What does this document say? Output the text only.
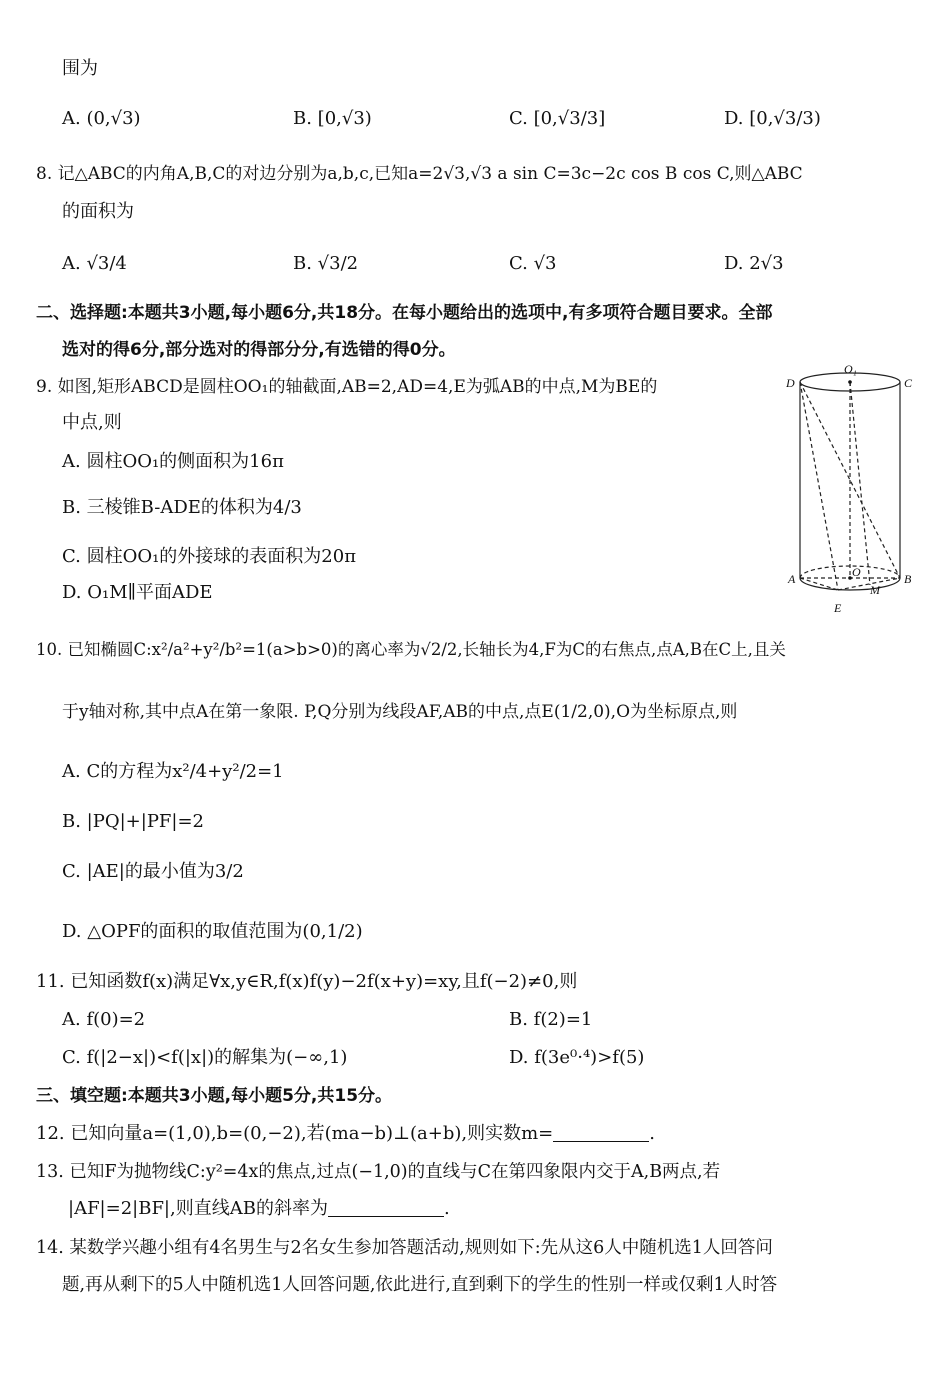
围为
A. (0,√3)	B. [0,√3)	C. [0,√3/3]	D. [0,√3/3)
8. 记△ABC的内角A,B,C的对边分别为a,b,c,已知a=2√3,√3 a sin C=3c−2c cos B cos C,则△ABC
的面积为
A. √3/4	B. √3/2	C. √3	D. 2√3
二、选择题:本题共3小题,每小题6分,共18分。在每小题给出的选项中,有多项符合题目要求。全部
选对的得6分,部分选对的得部分分,有选错的得0分。
9. 如图,矩形ABCD是圆柱OO₁的轴截面,AB=2,AD=4,E为弧AB的中点,M为BE的
中点,则
A. 圆柱OO₁的侧面积为16π
B. 三棱锥B-ADE的体积为4/3
C. 圆柱OO₁的外接球的表面积为20π
D. O₁M∥平面ADE
D
O₁
C
A	O
M
B
E
10. 已知椭圆C:x²/a²+y²/b²=1(a>b>0)的离心率为√2/2,长轴长为4,F为C的右焦点,点A,B在C上,且关
于y轴对称,其中点A在第一象限. P,Q分别为线段AF,AB的中点,点E(1/2,0),O为坐标原点,则
A. C的方程为x²/4+y²/2=1
B. |PQ|+|PF|=2
C. |AE|的最小值为3/2
D. △OPF的面积的取值范围为(0,1/2)
11. 已知函数f(x)满足∀x,y∈R,f(x)f(y)−2f(x+y)=xy,且f(−2)≠0,则
A. f(0)=2	B. f(2)=1
C. f(|2−x|)<f(|x|)的解集为(−∞,1)	D. f(3e⁰·⁴)>f(5)
三、填空题:本题共3小题,每小题5分,共15分。
12. 已知向量a=(1,0),b=(0,−2),若(ma−b)⊥(a+b),则实数m=	.
13. 已知F为抛物线C:y²=4x的焦点,过点(−1,0)的直线与C在第四象限内交于A,B两点,若
|AF|=2|BF|,则直线AB的斜率为	.
14. 某数学兴趣小组有4名男生与2名女生参加答题活动,规则如下:先从这6人中随机选1人回答问
题,再从剩下的5人中随机选1人回答问题,依此进行,直到剩下的学生的性别一样或仅剩1人时答
